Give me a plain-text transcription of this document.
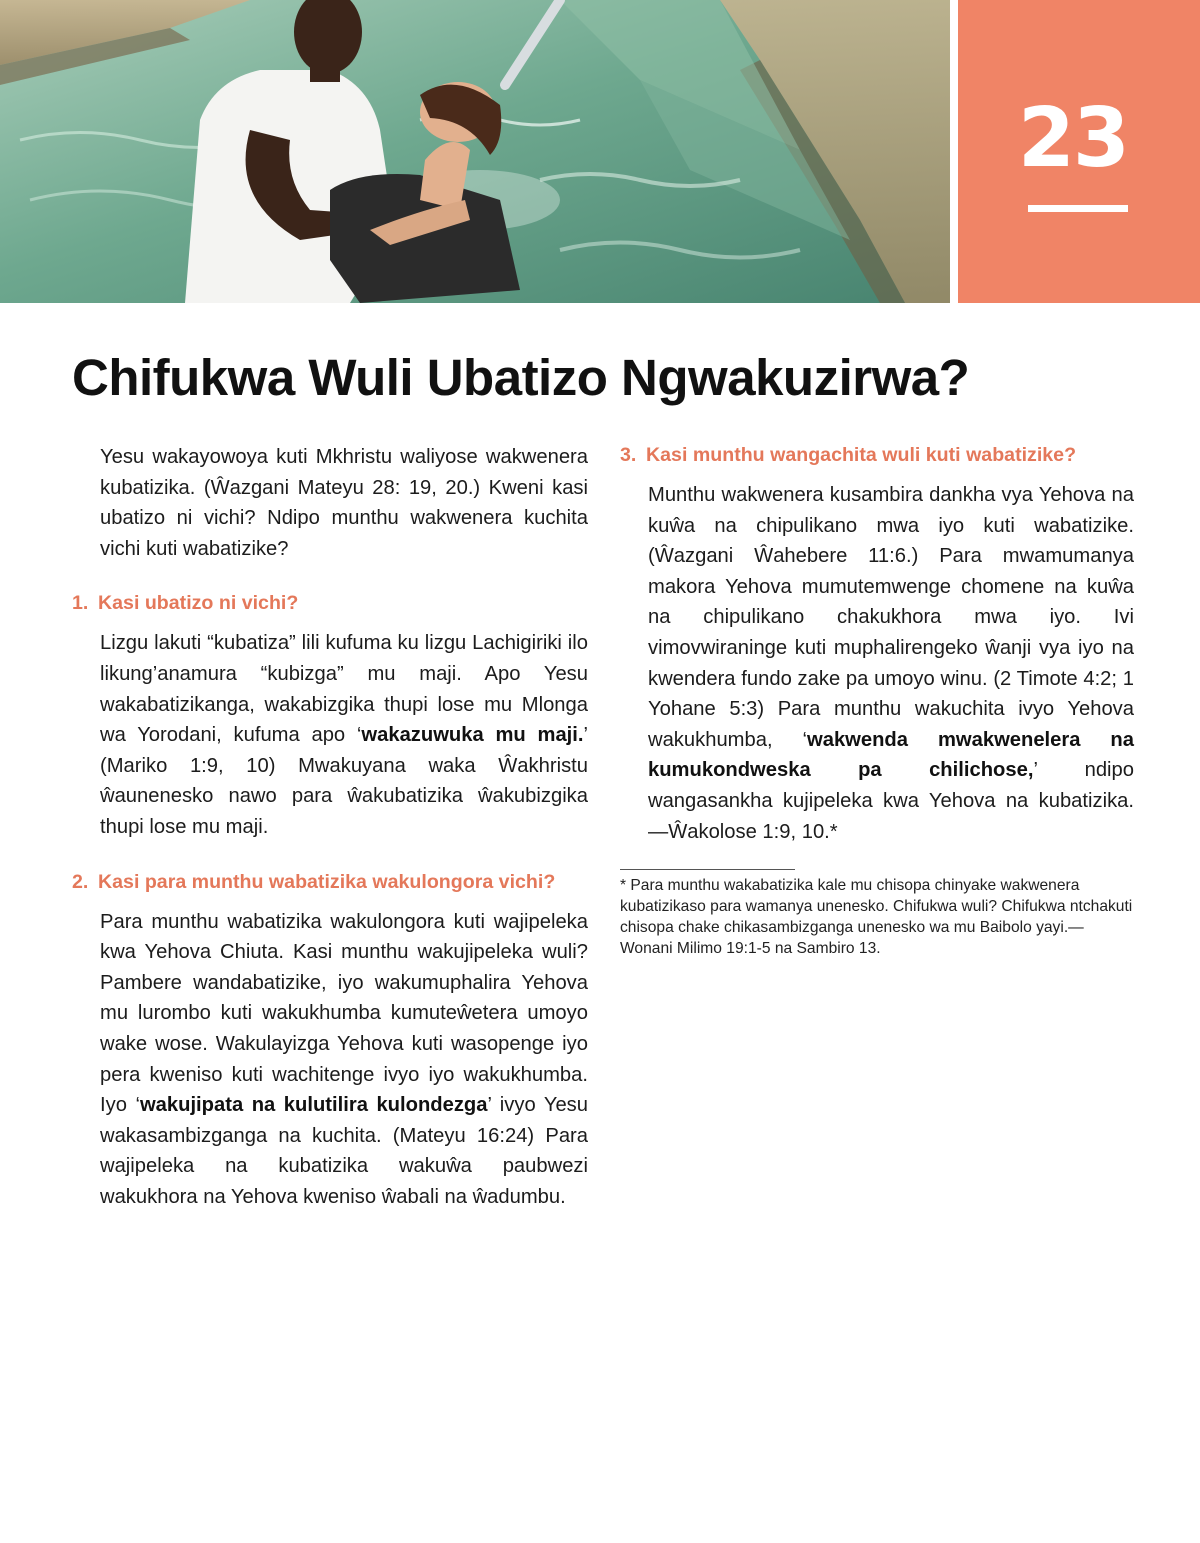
23
Chifukwa Wuli Ubatizo Ngwakuzirwa?

Yesu wakayowoya kuti Mkhristu waliyose wakwenera kubatizika. (Ŵazgani Mateyu 28: 19, 20.) Kweni kasi ubatizo ni vichi? Ndipo munthu wakwenera kuchita vichi kuti wabatizike?

1. Kasi ubatizo ni vichi?

Lizgu lakuti “kubatiza” lili kufuma ku lizgu Lachigiriki ilo likung’anamura “kubizga” mu maji. Apo Yesu wakabatizikanga, wakabizgika thupi lose mu Mlonga wa Yorodani, kufuma apo ‘wakazuwuka mu maji.’ (Mariko 1:9, 10) Mwakuyana waka Ŵakhristu ŵaunenesko nawo para ŵakubatizika ŵakubizgika thupi lose mu maji.

2. Kasi para munthu wabatizika wakulongora vichi?

Para munthu wabatizika wakulongora kuti wajipeleka kwa Yehova Chiuta. Kasi munthu wakujipeleka wuli? Pambere wandabatizike, iyo wakumuphalira Yehova mu lurombo kuti wakukhumba kumuteŵetera umoyo wake wose. Wakulayizga Yehova kuti wasopenge iyo pera kweniso kuti wachitenge ivyo iyo wakukhumba. Iyo ‘wakujipata na kulutilira kulondezga’ ivyo Yesu wakasambizganga na kuchita. (Mateyu 16:24) Para wajipeleka na kubatizika wakuŵa paubwezi wakukhora na Yehova kweniso ŵabali na ŵadumbu.

3. Kasi munthu wangachita wuli kuti wabatizike?

Munthu wakwenera kusambira dankha vya Yehova na kuŵa na chipulikano mwa iyo kuti wabatizike. (Ŵazgani Ŵahebere 11:6.) Para mwamumanya makora Yehova mumutemwenge chomene na kuŵa na chipulikano chakukhora mwa iyo. Ivi vimovwiraninge kuti muphalirengeko ŵanji vya iyo na kwendera fundo zake pa umoyo winu. (2 Timote 4:2; 1 Yohane 5:3) Para munthu wakuchita ivyo Yehova wakukhumba, ‘wakwenda mwakwenelera na kumukondweska pa chilichose,’ ndipo wangasankha kujipeleka kwa Yehova na kubatizika. —Ŵakolose 1:9, 10.*

* Para munthu wakabatizika kale mu chisopa chinyake wakwenera kubatizikaso para wamanya unenesko. Chifukwa wuli? Chifukwa ntchakuti chisopa chake chikasambizganga unenesko wa mu Baibolo yayi.—Wonani Milimo 19:1-5 na Sambiro 13.
